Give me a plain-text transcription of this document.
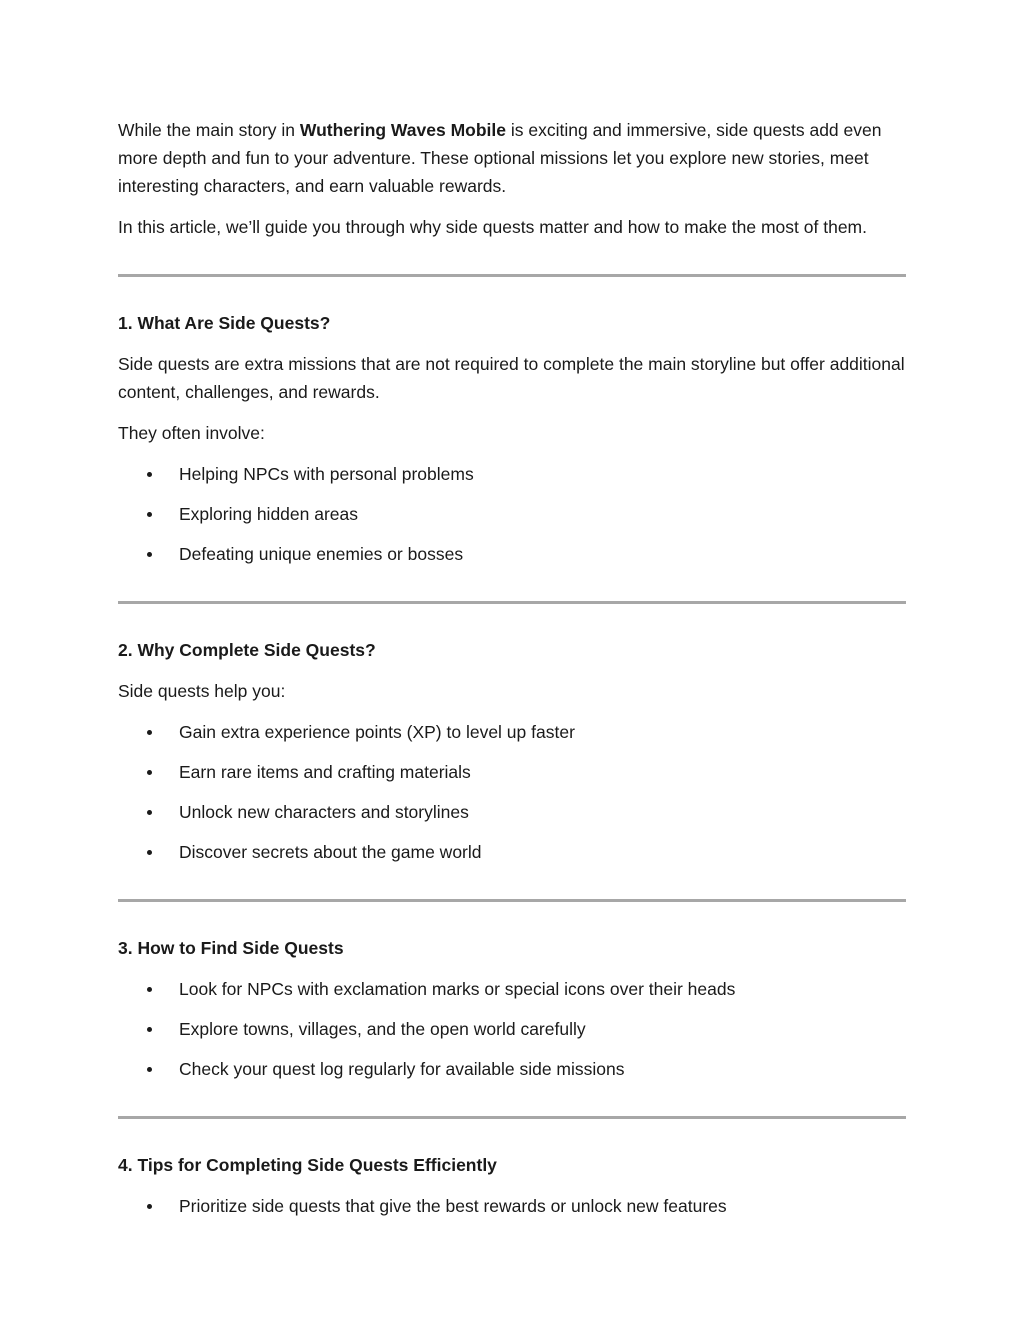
While the main story in Wuthering Waves Mobile is exciting and immersive, side quests add even more depth and fun to your adventure. These optional missions let you explore new stories, meet interesting characters, and earn valuable rewards.

In this article, we’ll guide you through why side quests matter and how to make the most of them.

1. What Are Side Quests?

Side quests are extra missions that are not required to complete the main storyline but offer additional content, challenges, and rewards.

They often involve:

Helping NPCs with personal problems
Exploring hidden areas
Defeating unique enemies or bosses
2. Why Complete Side Quests?

Side quests help you:

Gain extra experience points (XP) to level up faster
Earn rare items and crafting materials
Unlock new characters and storylines
Discover secrets about the game world
3. How to Find Side Quests
Look for NPCs with exclamation marks or special icons over their heads
Explore towns, villages, and the open world carefully
Check your quest log regularly for available side missions
4. Tips for Completing Side Quests Efficiently
Prioritize side quests that give the best rewards or unlock new features
